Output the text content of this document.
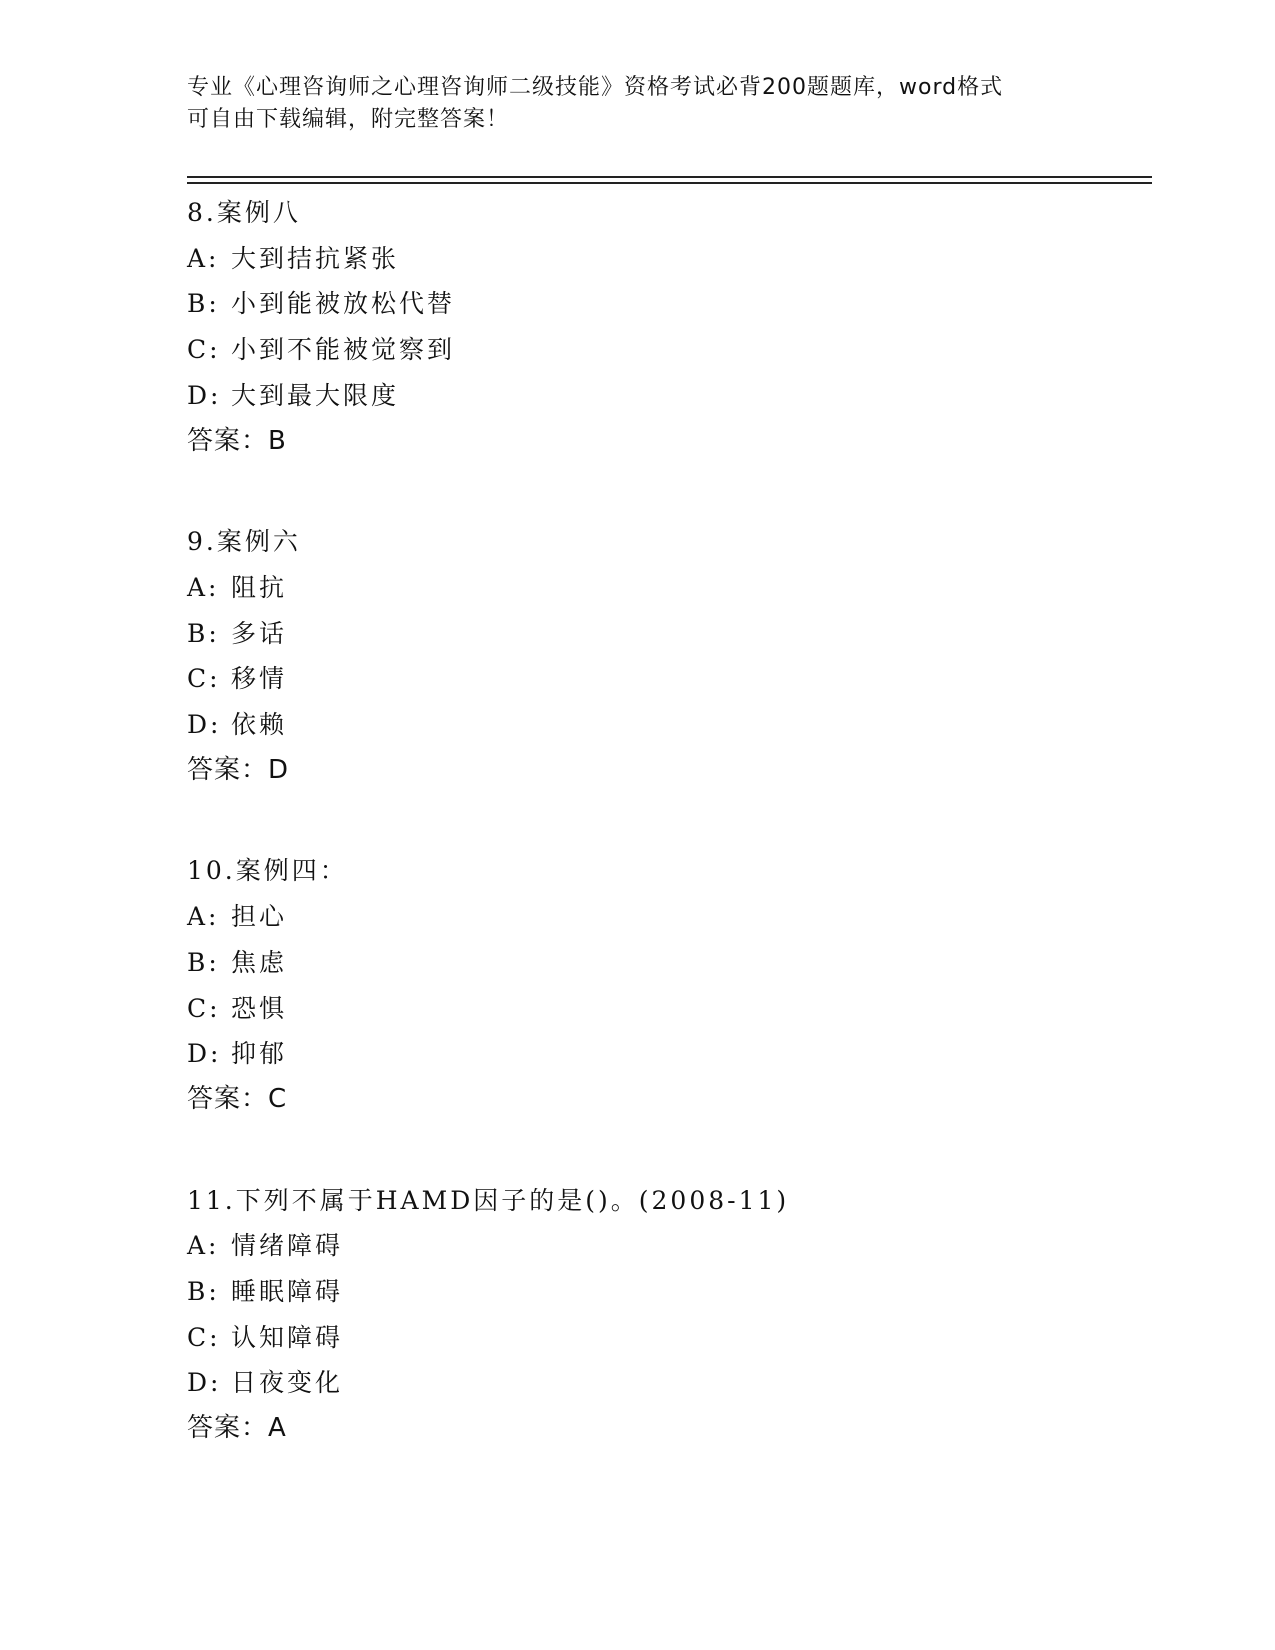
专业《心理咨询师之心理咨询师二级技能》资格考试必背200题题库，word格式
可自由下载编辑，附完整答案！
8.案例八
A: 大到拮抗紧张
B: 小到能被放松代替
C: 小到不能被觉察到
D: 大到最大限度
答案：B
9.案例六
A: 阻抗
B: 多话
C: 移情
D: 依赖
答案：D
10.案例四：
A: 担心
B: 焦虑
C: 恐惧
D: 抑郁
答案：C
11.下列不属于HAMD因子的是()。(2008-11)
A: 情绪障碍
B: 睡眠障碍
C: 认知障碍
D: 日夜变化
答案：A
